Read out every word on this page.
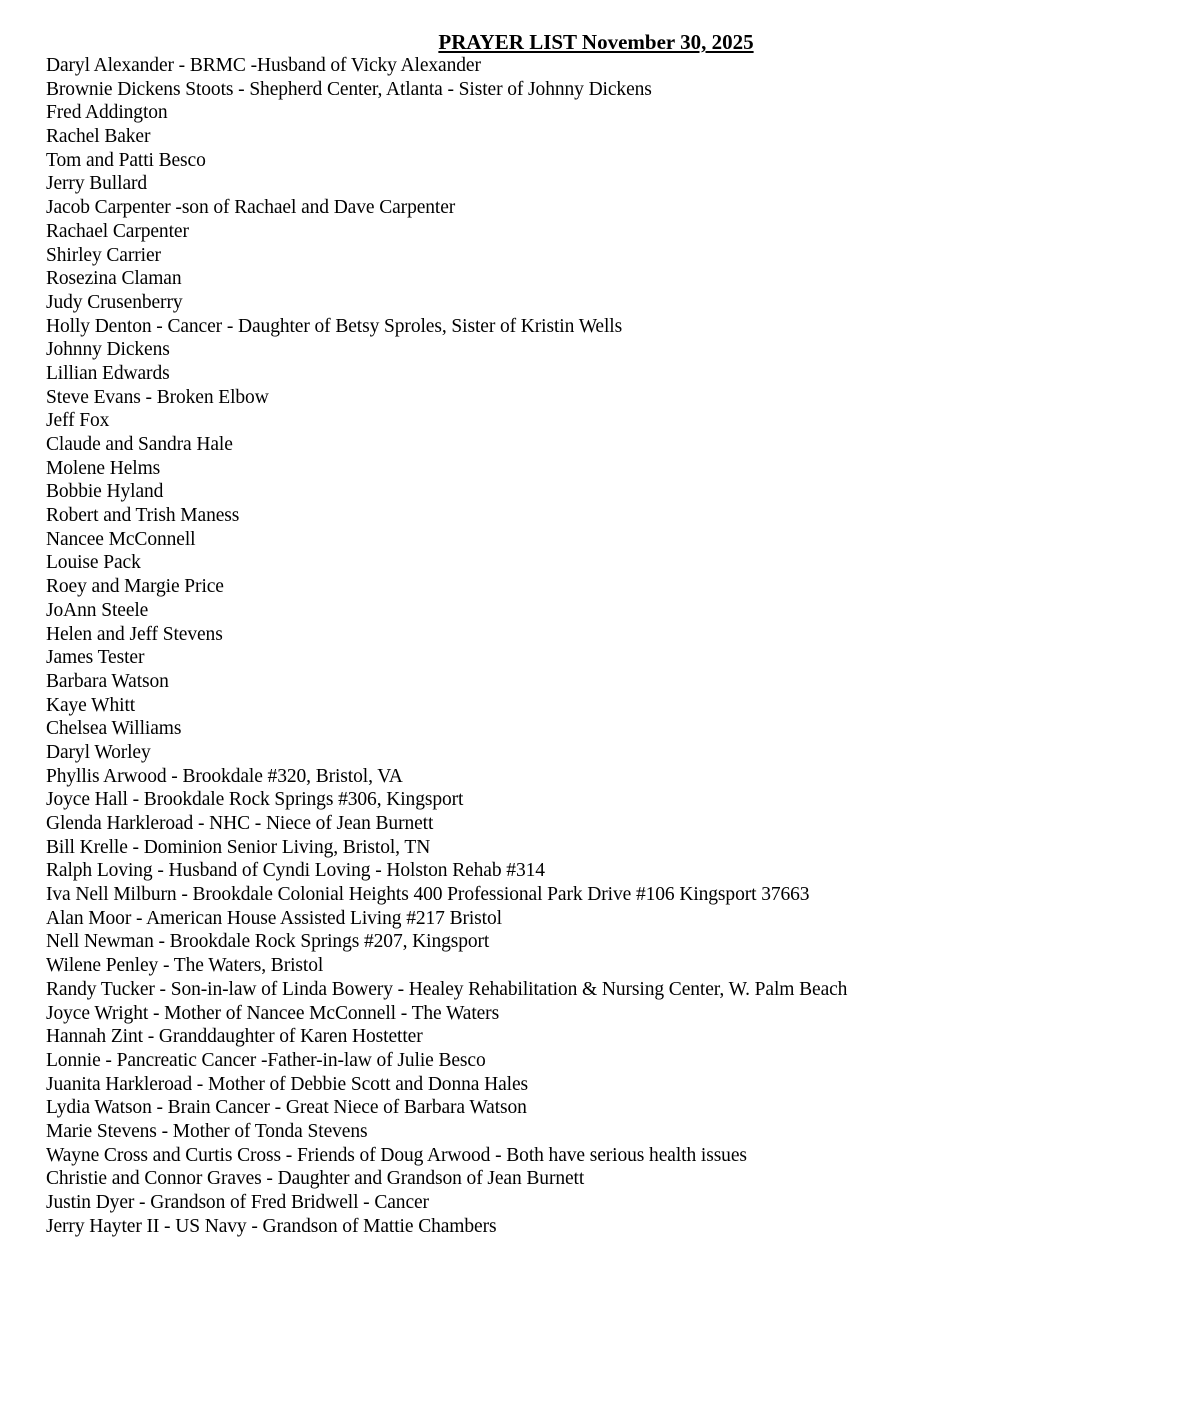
PRAYER LIST November 30, 2025
Daryl Alexander - BRMC -Husband of Vicky Alexander
Brownie Dickens Stoots - Shepherd Center, Atlanta - Sister of Johnny Dickens
Fred Addington
Rachel Baker
Tom and Patti Besco
Jerry Bullard
Jacob Carpenter -son of Rachael and Dave Carpenter
Rachael Carpenter
Shirley Carrier
Rosezina Claman
Judy Crusenberry
Holly Denton - Cancer - Daughter of Betsy Sproles, Sister of Kristin Wells
Johnny Dickens
Lillian Edwards
Steve Evans - Broken Elbow
Jeff Fox
Claude and Sandra Hale
Molene Helms
Bobbie Hyland
Robert and Trish Maness
Nancee McConnell
Louise Pack
Roey and Margie Price
JoAnn Steele
Helen and Jeff Stevens
James Tester
Barbara Watson
Kaye Whitt
Chelsea Williams
Daryl Worley
Phyllis Arwood - Brookdale #320, Bristol, VA
Joyce Hall - Brookdale Rock Springs #306, Kingsport
Glenda Harkleroad - NHC - Niece of Jean Burnett
Bill Krelle - Dominion Senior Living, Bristol, TN
Ralph Loving - Husband of Cyndi Loving - Holston Rehab #314
Iva Nell Milburn - Brookdale Colonial Heights 400 Professional Park Drive #106 Kingsport 37663
Alan Moor - American House Assisted Living #217 Bristol
Nell Newman - Brookdale Rock Springs #207, Kingsport
Wilene Penley - The Waters, Bristol
Randy Tucker - Son-in-law of Linda Bowery - Healey Rehabilitation & Nursing Center, W. Palm Beach
Joyce Wright - Mother of Nancee McConnell - The Waters
Hannah Zint - Granddaughter of Karen Hostetter
Lonnie - Pancreatic Cancer -Father-in-law of Julie Besco
Juanita Harkleroad - Mother of Debbie Scott and Donna Hales
Lydia Watson - Brain Cancer - Great Niece of Barbara Watson
Marie Stevens - Mother of Tonda Stevens
Wayne Cross and Curtis Cross - Friends of Doug Arwood - Both have serious health issues
Christie and Connor Graves - Daughter and Grandson of Jean Burnett
Justin Dyer - Grandson of Fred Bridwell - Cancer
Jerry Hayter II - US Navy - Grandson of Mattie Chambers
